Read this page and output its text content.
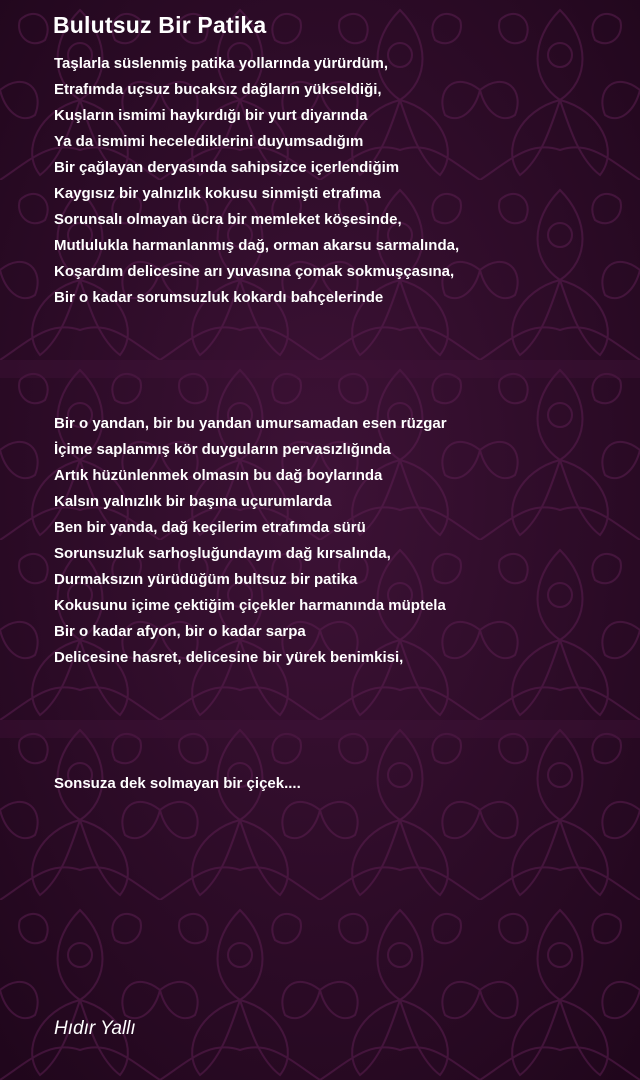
Bulutsuz Bir Patika
Taşlarla süslenmiş patika yollarında yürürdüm,
Etrafımda uçsuz bucaksız dağların yükseldiği,
Kuşların ismimi haykırdığı bir yurt diyarında
Ya da ismimi hecelediklerini duyumsadığım
Bir çağlayan deryasında sahipsizce içerlendiğim
Kaygısız bir yalnızlık kokusu sinmişti etrafıma
Sorunsalı olmayan ücra bir memleket köşesinde,
Mutlulukla harmanlanmış dağ, orman akarsu sarmalında,
Koşardım delicesine arı yuvasına çomak sokmuşçasına,
Bir o kadar sorumsuzluk kokardı bahçelerinde
Bir o yandan, bir bu yandan umursamadan esen rüzgar
İçime saplanmış kör duyguların pervasızlığında
Artık hüzünlenmek olmasın bu dağ boylarında
Kalsın yalnızlık bir başına uçurumlarda
Ben bir yanda, dağ keçilerim etrafımda sürü
Sorunsuzluk sarhoşluğundayım dağ kırsalında,
Durmaksızın yürüdüğüm bultsuz bir patika
Kokusunu içime çektiğim çiçekler harmanında müptela
Bir o kadar afyon, bir o kadar sarpa
Delicesine hasret, delicesine bir yürek benimkisi,
Sonsuza dek solmayan bir çiçek....
Hıdır Yallı
